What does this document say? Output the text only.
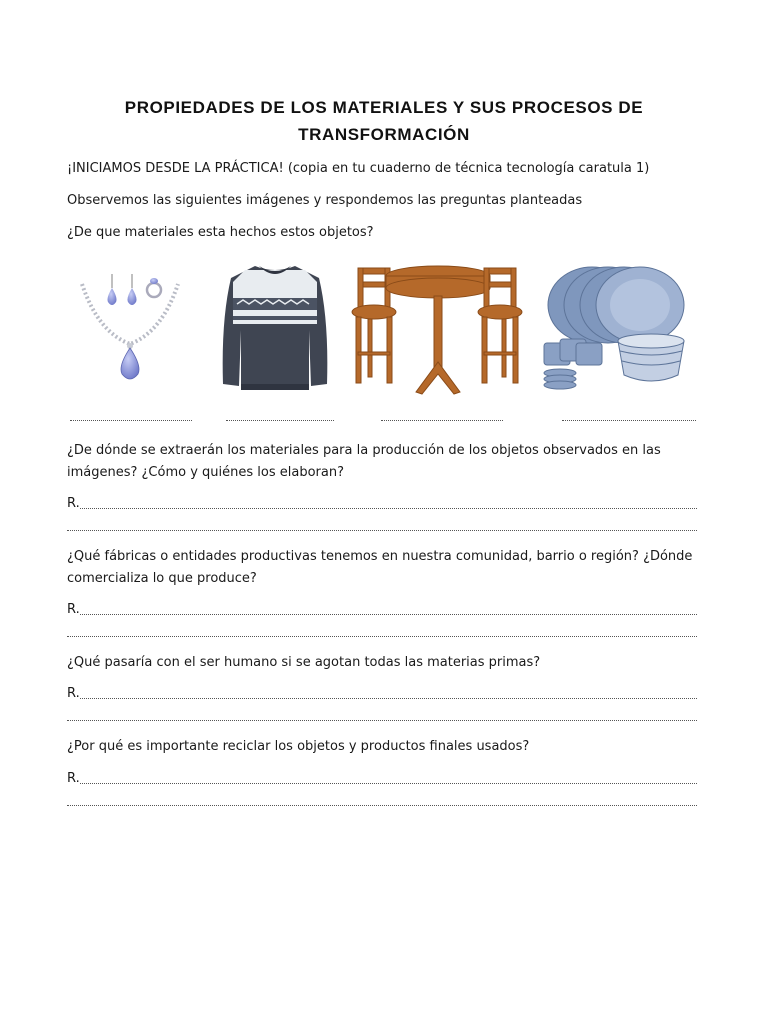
PROPIEDADES DE LOS MATERIALES Y SUS PROCESOS DE
TRANSFORMACIÓN
¡INICIAMOS DESDE LA PRÁCTICA! (copia en tu cuaderno de técnica tecnología caratula 1)
Observemos las siguientes imágenes y respondemos las preguntas planteadas
¿De que materiales esta hechos estos objetos?
¿De dónde se extraerán los materiales para la producción de los objetos observados en las imágenes? ¿Cómo y quiénes los elaboran?
R.
¿Qué fábricas o entidades productivas tenemos en nuestra comunidad, barrio o región? ¿Dónde comercializa lo que produce?
R.
¿Qué pasaría con el ser humano si se agotan todas las materias primas?
R.
¿Por qué es importante reciclar los objetos y productos finales usados?
R.
